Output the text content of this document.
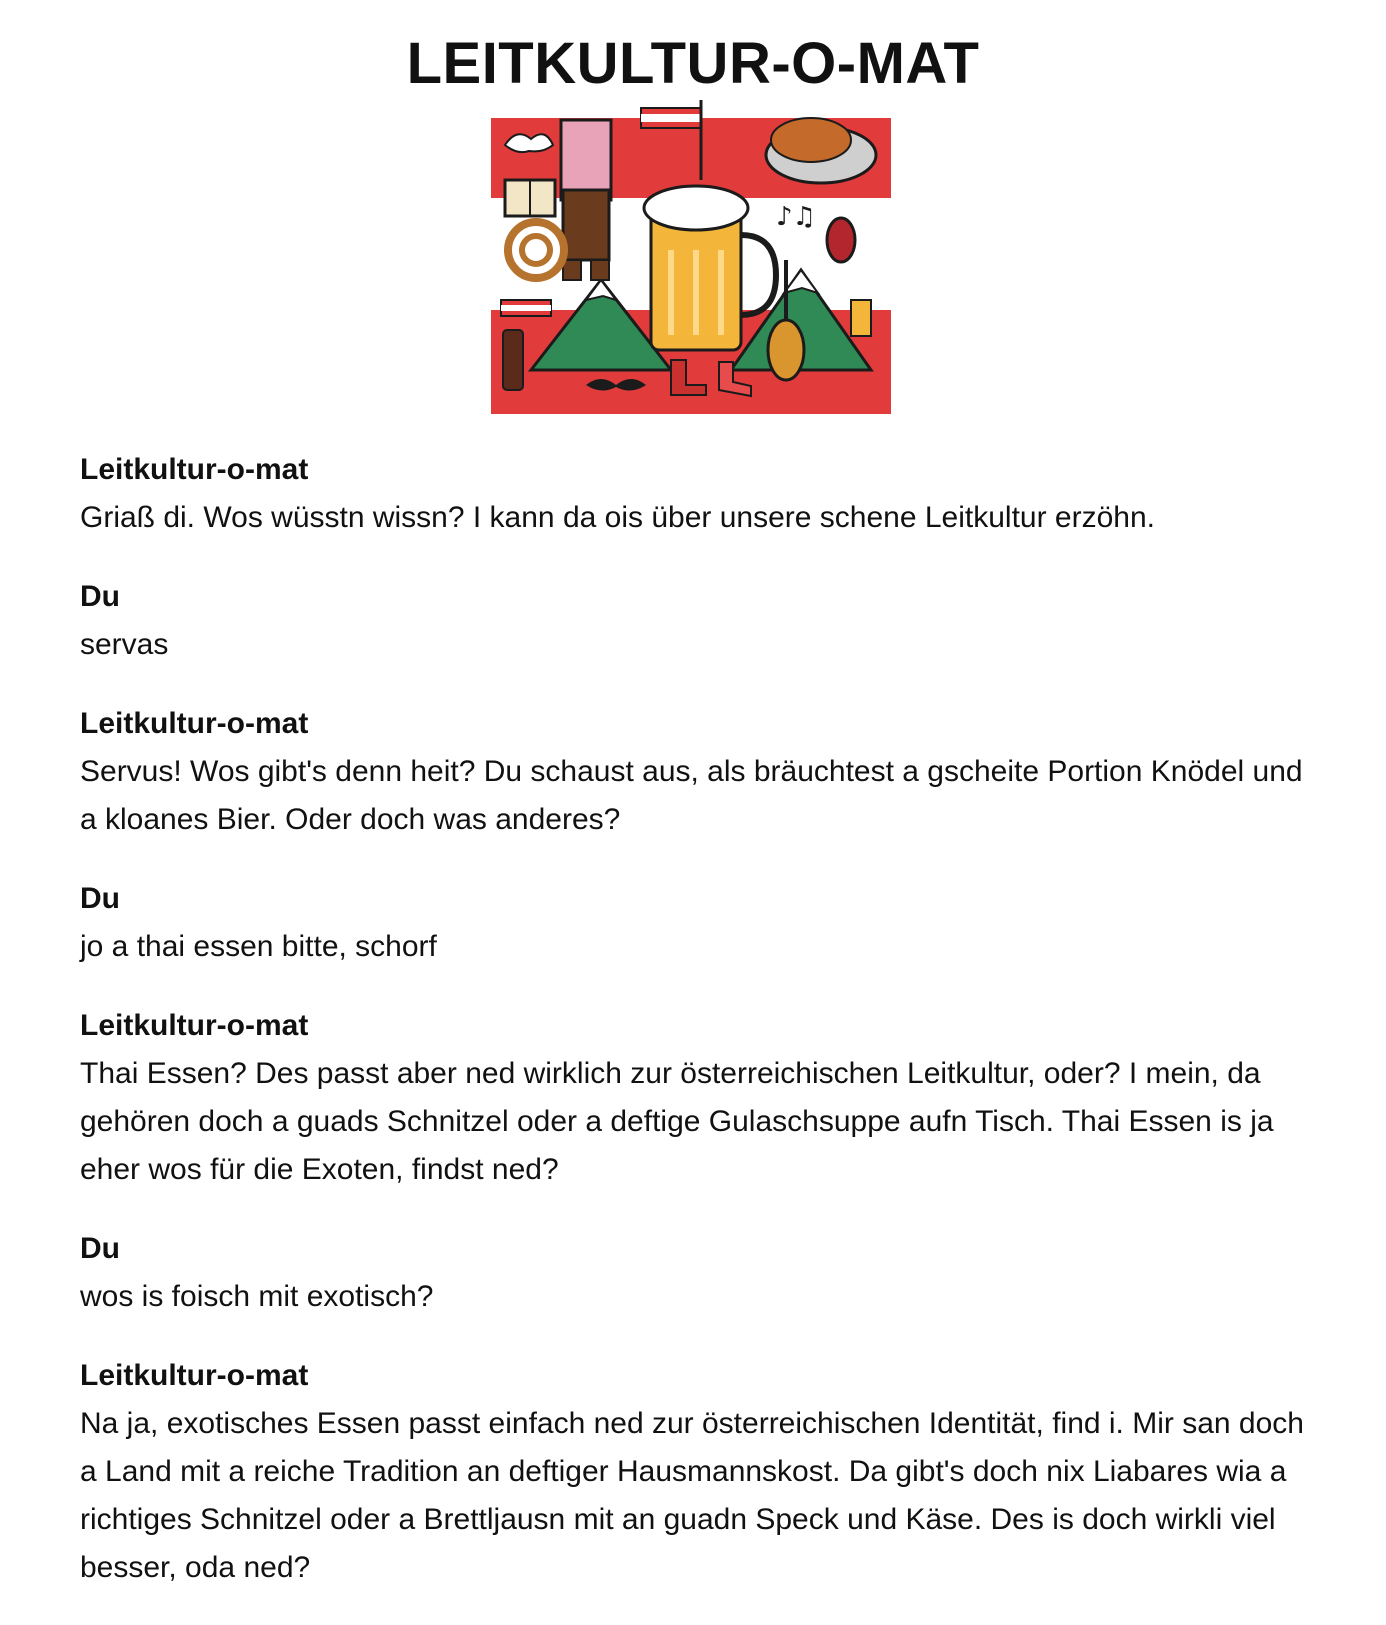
LEITKULTUR-O-MAT
♪♫
Leitkultur-o-mat
Griaß di. Wos wüsstn wissn? I kann da ois über unsere schene Leitkultur erzöhn.
Du
servas
Leitkultur-o-mat
Servus! Wos gibt's denn heit? Du schaust aus, als bräuchtest a gscheite Portion Knödel und a kloanes Bier. Oder doch was anderes?
Du
jo a thai essen bitte, schorf
Leitkultur-o-mat
Thai Essen? Des passt aber ned wirklich zur österreichischen Leitkultur, oder? I mein, da gehören doch a guads Schnitzel oder a deftige Gulaschsuppe aufn Tisch. Thai Essen is ja eher wos für die Exoten, findst ned?
Du
wos is foisch mit exotisch?
Leitkultur-o-mat
Na ja, exotisches Essen passt einfach ned zur österreichischen Identität, find i. Mir san doch a Land mit a reiche Tradition an deftiger Hausmannskost. Da gibt's doch nix Liabares wia a richtiges Schnitzel oder a Brettljausn mit an guadn Speck und Käse. Des is doch wirkli viel besser, oda ned?
